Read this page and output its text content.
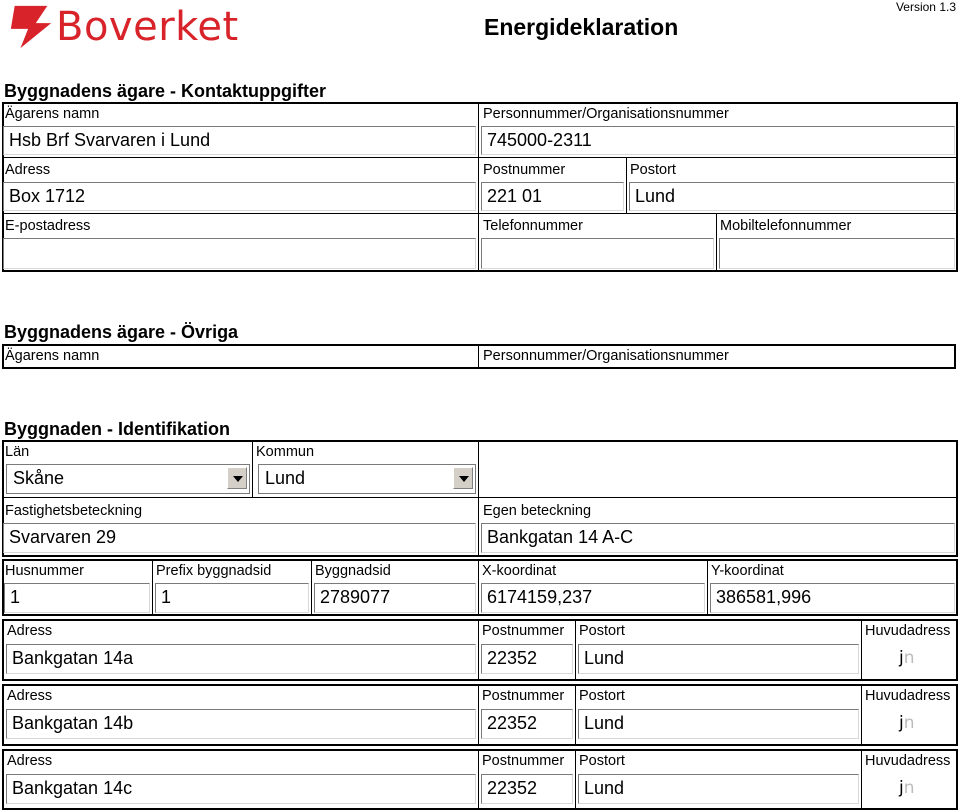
Boverket	Energideklaration
Version 1.3
Byggnadens ägare - Kontaktuppgifter
Ägarens namn
Hsb Brf Svarvaren i Lund
Personnummer/Organisationsnummer
745000-2311
Adress
Box 1712
Postnummer
221 01
Postort
Lund
E-postadress	Telefonnummer	Mobiltelefonnummer
Byggnadens ägare - Övriga
Ägarens namn	Personnummer/Organisationsnummer
Byggnaden - Identifikation
Län
Skåne
Kommun
Lund
Fastighetsbeteckning
Svarvaren 29
Egen beteckning
Bankgatan 14 A-C
Husnummer
1
Prefix byggnadsid
1
Byggnadsid
2789077
X-koordinat
6174159,237
Y-koordinat
386581,996
Adress
Bankgatan 14a
Postnummer
22352
Postort
Lund
Huvudadress
jn
Adress
Bankgatan 14b
Postnummer
22352
Postort
Lund
Huvudadress
jn
Adress
Bankgatan 14c
Postnummer
22352
Postort
Lund
Huvudadress
jn
